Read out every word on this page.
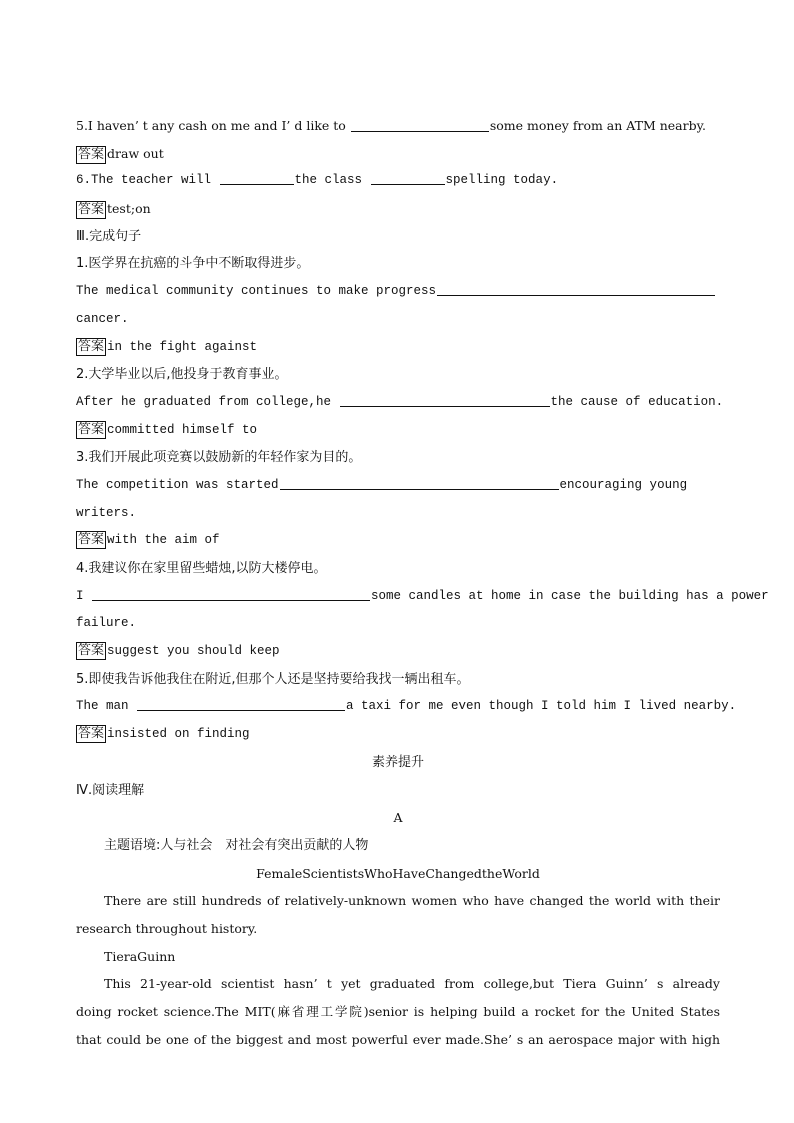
5.I haven’ t any cash on me and I’ d like to	some money from an ATM nearby.
答案 draw out
6.The teacher will	the class	spelling today.
答案 test;on
Ⅲ.完成句子
1.医学界在抗癌的斗争中不断取得进步。
The medical community continues to make progress
cancer.
答案 in the fight against
2.大学毕业以后,他投身于教育事业。
After he graduated from college,he	the cause of education.
答案 committed himself to
3.我们开展此项竞赛以鼓励新的年轻作家为目的。
The competition was started	encouraging young
writers.
答案 with the aim of
4.我建议你在家里留些蜡烛,以防大楼停电。
I	some candles at home in case the building has a power
failure.
答案 suggest you should keep
5.即使我告诉他我住在附近,但那个人还是坚持要给我找一辆出租车。
The man	a taxi for me even though I told him I lived nearby.
答案 insisted on finding
素养提升
Ⅳ.阅读理解
A
主题语境:人与社会　对社会有突出贡献的人物
FemaleScientistsWhoHaveChangedtheWorld
There are still hundreds of relatively-unknown women who have changed the world with their
research throughout history.
TieraGuinn
This 21-year-old scientist hasn’ t yet graduated from college,but Tiera Guinn’ s already
doing rocket science.The MIT(麻省理工学院)senior is helping build a rocket for the United States
that could be one of the biggest and most powerful ever made.She’ s an aerospace major with high
